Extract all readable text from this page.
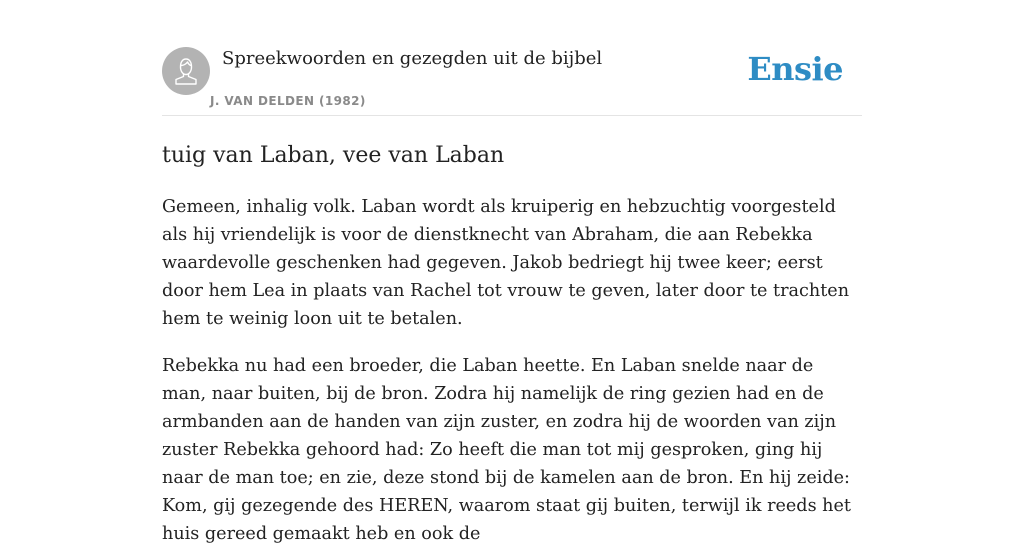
Spreekwoorden en gezegden uit de bijbel
J. VAN DELDEN (1982)
Ensie
tuig van Laban, vee van Laban

Gemeen, inhalig volk. Laban wordt als kruiperig en hebzuchtig voorgesteld als hij vriendelijk is voor de dienstknecht van Abraham, die aan Rebekka waardevolle geschenken had gegeven. Jakob bedriegt hij twee keer; eerst door hem Lea in plaats van Rachel tot vrouw te geven, later door te trachten hem te weinig loon uit te betalen.

Rebekka nu had een broeder, die Laban heette. En Laban snelde naar de man, naar buiten, bij de bron. Zodra hij namelijk de ring gezien had en de armbanden aan de handen van zijn zuster, en zodra hij de woorden van zijn zuster Rebekka gehoord had: Zo heeft die man tot mij gesproken, ging hij naar de man toe; en zie, deze stond bij de kamelen aan de bron. En hij zeide: Kom, gij gezegende des HEREN, waarom staat gij buiten, terwijl ik reeds het huis gereed gemaakt heb en ook de
